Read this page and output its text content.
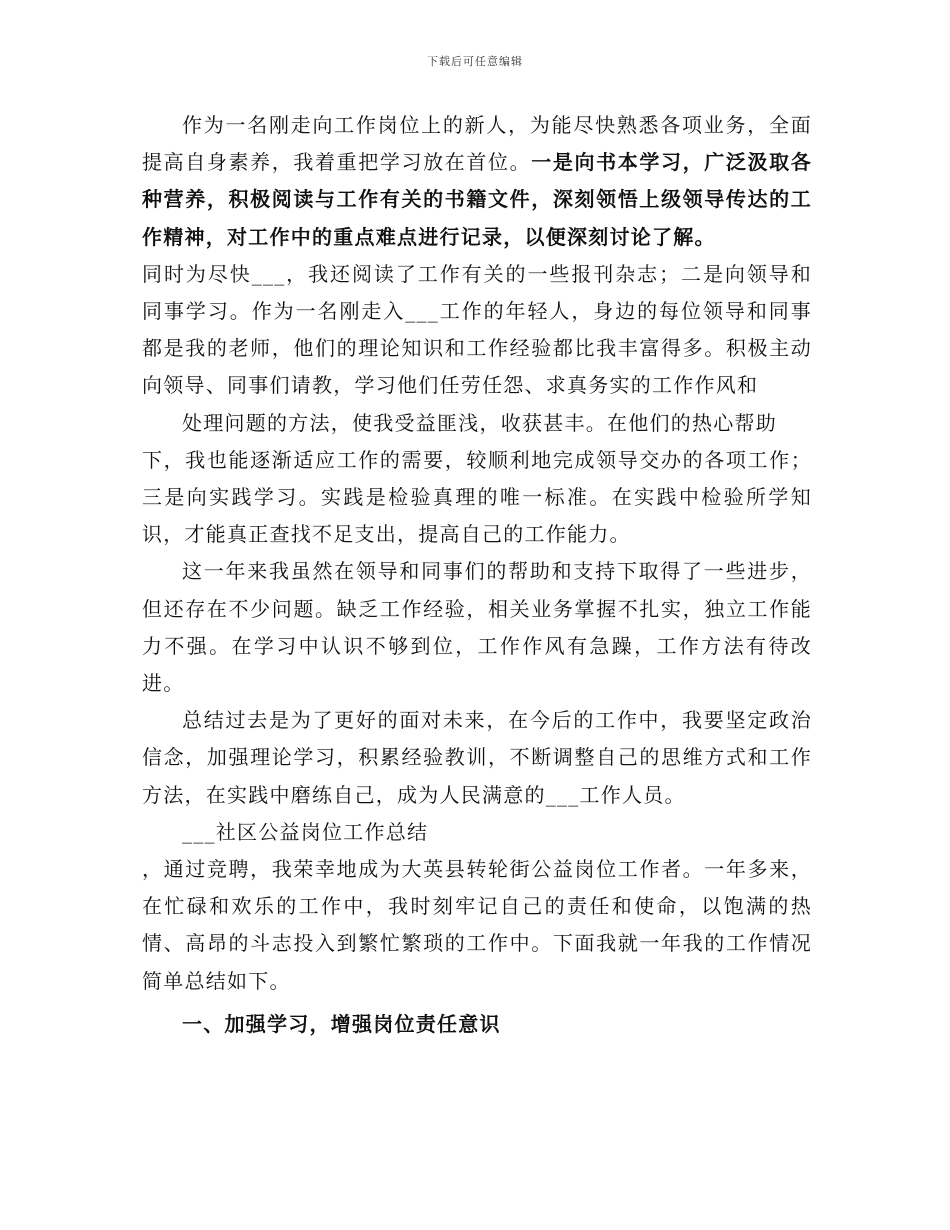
下载后可任意编辑

作为一名刚走向工作岗位上的新人，为能尽快熟悉各项业务，全面提高自身素养，我着重把学习放在首位。一是向书本学习，广泛汲取各种营养，积极阅读与工作有关的书籍文件，深刻领悟上级领导传达的工作精神，对工作中的重点难点进行记录，以便深刻讨论了解。

同时为尽快___，我还阅读了工作有关的一些报刊杂志；二是向领导和同事学习。作为一名刚走入___工作的年轻人，身边的每位领导和同事都是我的老师，他们的理论知识和工作经验都比我丰富得多。积极主动向领导、同事们请教，学习他们任劳任怨、求真务实的工作作风和

处理问题的方法，使我受益匪浅，收获甚丰。在他们的热心帮助

下，我也能逐渐适应工作的需要，较顺利地完成领导交办的各项工作；三是向实践学习。实践是检验真理的唯一标准。在实践中检验所学知识，才能真正查找不足支出，提高自己的工作能力。

这一年来我虽然在领导和同事们的帮助和支持下取得了一些进步，但还存在不少问题。缺乏工作经验，相关业务掌握不扎实，独立工作能力不强。在学习中认识不够到位，工作作风有急躁，工作方法有待改进。

总结过去是为了更好的面对未来，在今后的工作中，我要坚定政治信念，加强理论学习，积累经验教训，不断调整自己的思维方式和工作方法，在实践中磨练自己，成为人民满意的___工作人员。

___社区公益岗位工作总结

，通过竞聘，我荣幸地成为大英县转轮街公益岗位工作者。一年多来，在忙碌和欢乐的工作中，我时刻牢记自己的责任和使命，以饱满的热情、高昂的斗志投入到繁忙繁琐的工作中。下面我就一年我的工作情况简单总结如下。

一、加强学习，增强岗位责任意识
